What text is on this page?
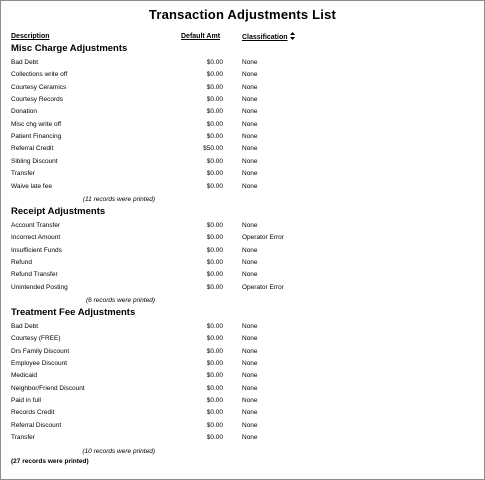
Transaction Adjustments List
Description	Default Amt	Classification
Misc Charge Adjustments
Bad Debt	$0.00	None
Collections write off	$0.00	None
Courtesy Ceramics	$0.00	None
Courtesy Records	$0.00	None
Donation	$0.00	None
Misc chg write off	$0.00	None
Patient Financing	$0.00	None
Referral Credit	$50.00	None
Sibling Discount	$0.00	None
Transfer	$0.00	None
Waive late fee	$0.00	None
(11 records were printed)
Receipt Adjustments
Account Transfer	$0.00	None
Incorrect Amount	$0.00	Operator Error
Insufficient Funds	$0.00	None
Refund	$0.00	None
Refund Transfer	$0.00	None
Unintended Posting	$0.00	Operator Error
(6 records were printed)
Treatment Fee Adjustments
Bad Debt	$0.00	None
Courtesy (FREE)	$0.00	None
Drs Family Discount	$0.00	None
Employee Discount	$0.00	None
Medicaid	$0.00	None
Neighbor/Friend Discount	$0.00	None
Paid in full	$0.00	None
Records Credit	$0.00	None
Referral Discount	$0.00	None
Transfer	$0.00	None
(10 records were printed)
(27 records were printed)
